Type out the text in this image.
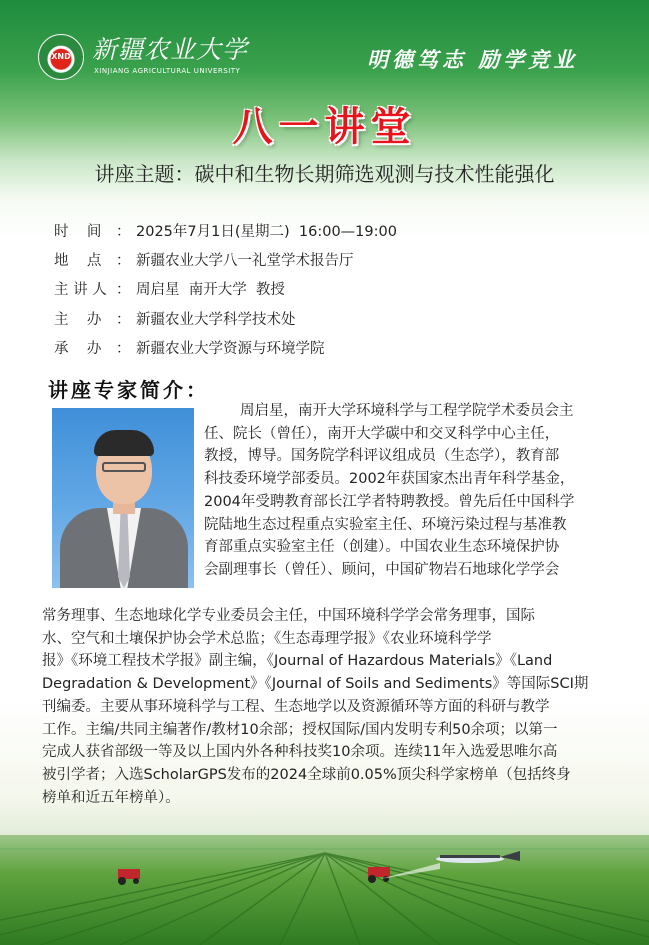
XND 新疆农业大学
XINJIANG AGRICULTURAL UNIVERSITY	明德笃志 励学竞业
八一讲堂
讲座主题：碳中和生物长期筛选观测与技术性能强化
时    间 ： 2025年7月1日(星期二)  16:00—19:00
地    点 ： 新疆农业大学八一礼堂学术报告厅
主 讲 人 ： 周启星  南开大学  教授
主    办 ： 新疆农业大学科学技术处
承    办 ： 新疆农业大学资源与环境学院
讲座专家简介：
周启星，南开大学环境科学与工程学院学术委员会主
任、院长（曾任），南开大学碳中和交叉科学中心主任，
教授，博导。国务院学科评议组成员（生态学），教育部
科技委环境学部委员。2002年获国家杰出青年科学基金，
2004年受聘教育部长江学者特聘教授。曾先后任中国科学
院陆地生态过程重点实验室主任、环境污染过程与基准教
育部重点实验室主任（创建）。中国农业生态环境保护协
会副理事长（曾任）、顾问，中国矿物岩石地球化学学会
常务理事、生态地球化学专业委员会主任，中国环境科学学会常务理事，国际
水、空气和土壤保护协会学术总监；《生态毒理学报》《农业环境科学学
报》《环境工程技术学报》副主编，《Journal of Hazardous Materials》《Land
Degradation & Development》《Journal of Soils and Sediments》等国际SCI期
刊编委。主要从事环境科学与工程、生态地学以及资源循环等方面的科研与教学
工作。主编/共同主编著作/教材10余部；授权国际/国内发明专利50余项；以第一
完成人获省部级一等及以上国内外各种科技奖10余项。连续11年入选爱思唯尔高
被引学者；入选ScholarGPS发布的2024全球前0.05%顶尖科学家榜单（包括终身
榜单和近五年榜单）。
